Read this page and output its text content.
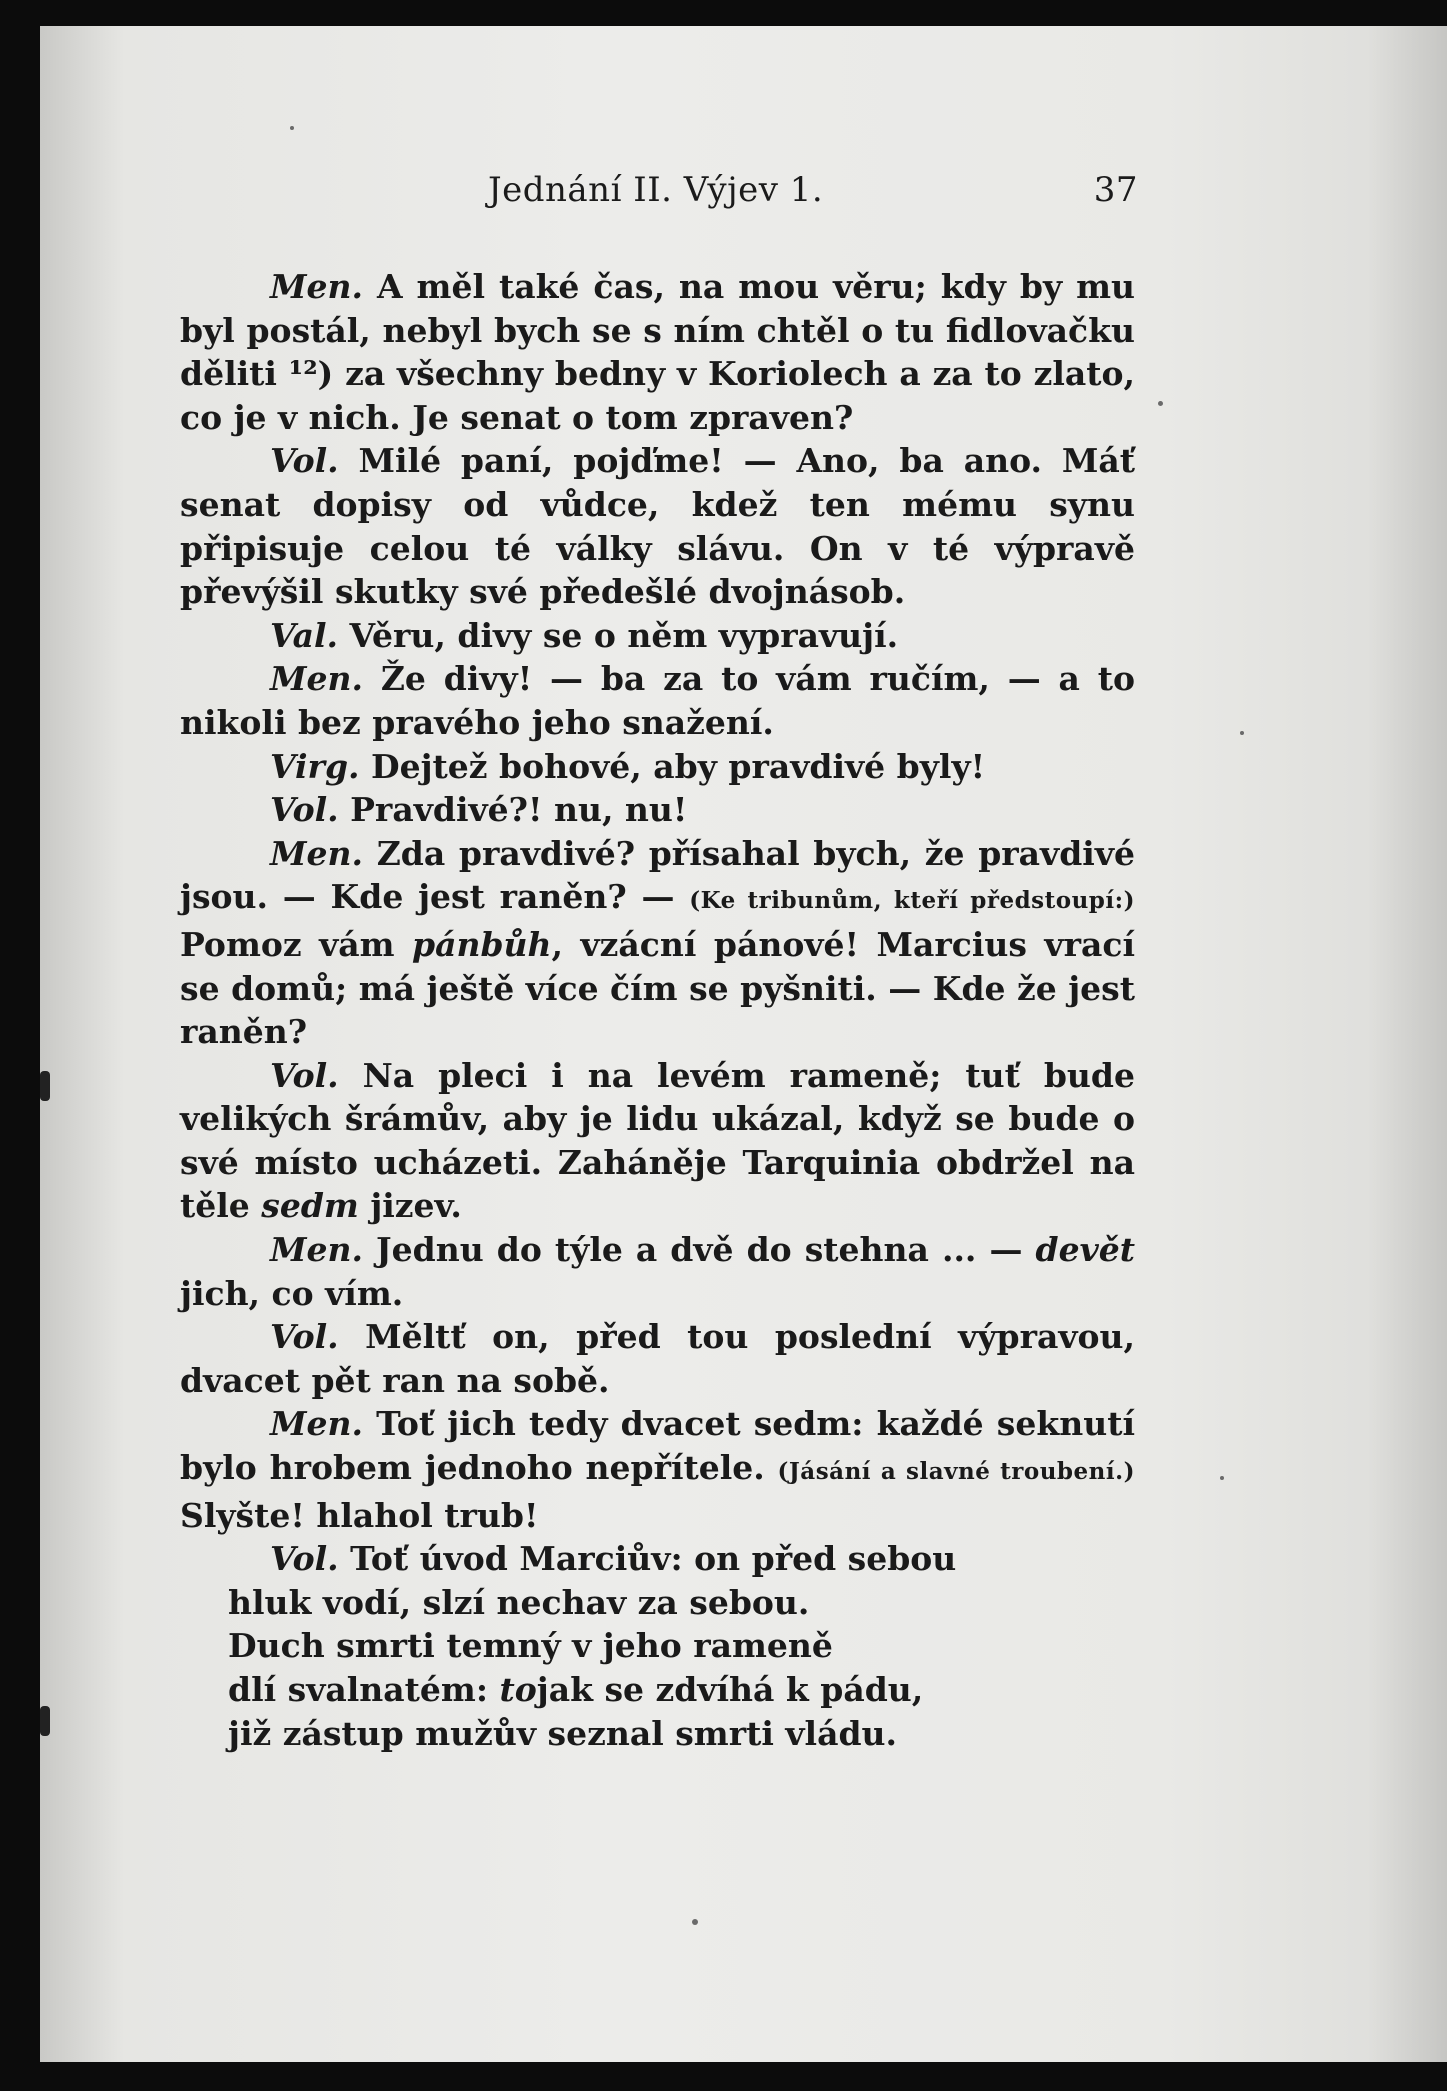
Jednání II. Výjev 1.	37

Men. A měl také čas, na mou věru; kdy by mu byl postál, nebyl bych se s ním chtěl o tu fidlovačku děliti ¹²) za všechny bedny v Koriolech a za to zlato, co je v nich. Je senat o tom zpraven?

Vol. Milé paní, pojďme! — Ano, ba ano. Máť senat dopisy od vůdce, kdež ten mému synu připisuje celou té války slávu. On v té výpravě převýšil skutky své předešlé dvojnásob.

Val. Věru, divy se o něm vypravují.

Men. Že divy! — ba za to vám ručím, — a to nikoli bez pravého jeho snažení.

Virg. Dejtež bohové, aby pravdivé byly!

Vol. Pravdivé?! nu, nu!

Men. Zda pravdivé? přísahal bych, že pravdivé jsou. — Kde jest raněn? — (Ke tribunům, kteří předstoupí:) Pomoz vám pánbůh, vzácní pánové! Marcius vrací se domů; má ještě více čím se pyšniti. — Kde že jest raněn?

Vol. Na pleci i na levém rameně; tuť bude velikých šrámův, aby je lidu ukázal, když se bude o své místo ucházeti. Zaháněje Tarquinia obdržel na těle sedm jizev.

Men. Jednu do týle a dvě do stehna ... — devět jich, co vím.

Vol. Měltť on, před tou poslední výpravou, dvacet pět ran na sobě.

Men. Toť jich tedy dvacet sedm: každé seknutí bylo hrobem jednoho nepřítele. (Jásání a slavné troubení.) Slyšte! hlahol trub!

Vol. Toť úvod Marciův: on před sebou
hluk vodí, slzí nechav za sebou.
Duch smrti temný v jeho rameně
dlí svalnatém: tojak se zdvíhá k pádu,
již zástup mužův seznal smrti vládu.
